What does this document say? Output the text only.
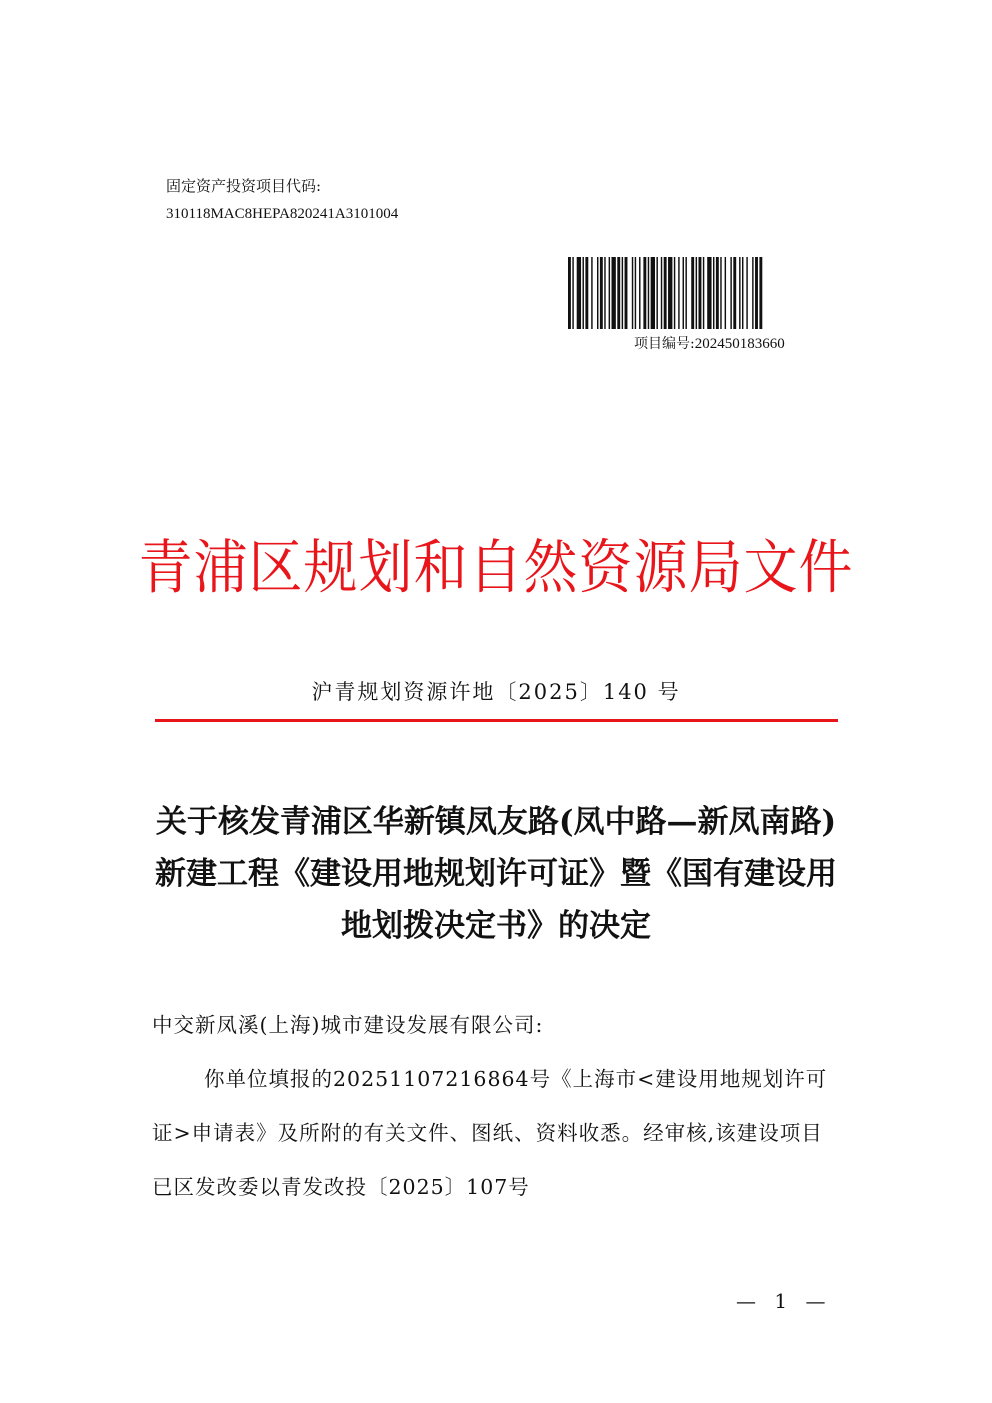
固定资产投资项目代码:
310118MAC8HEPA820241A3101004
项目编号:202450183660
青浦区规划和自然资源局文件
沪青规划资源许地〔2025〕140 号
关于核发青浦区华新镇凤友路(凤中路—新凤南路)新建工程《建设用地规划许可证》暨《国有建设用地划拨决定书》的决定

中交新凤溪(上海)城市建设发展有限公司:

你单位填报的20251107216864号《上海市<建设用地规划许可证>申请表》及所附的有关文件、图纸、资料收悉。经审核,该建设项目已区发改委以青发改投〔2025〕107号

— 1 —
